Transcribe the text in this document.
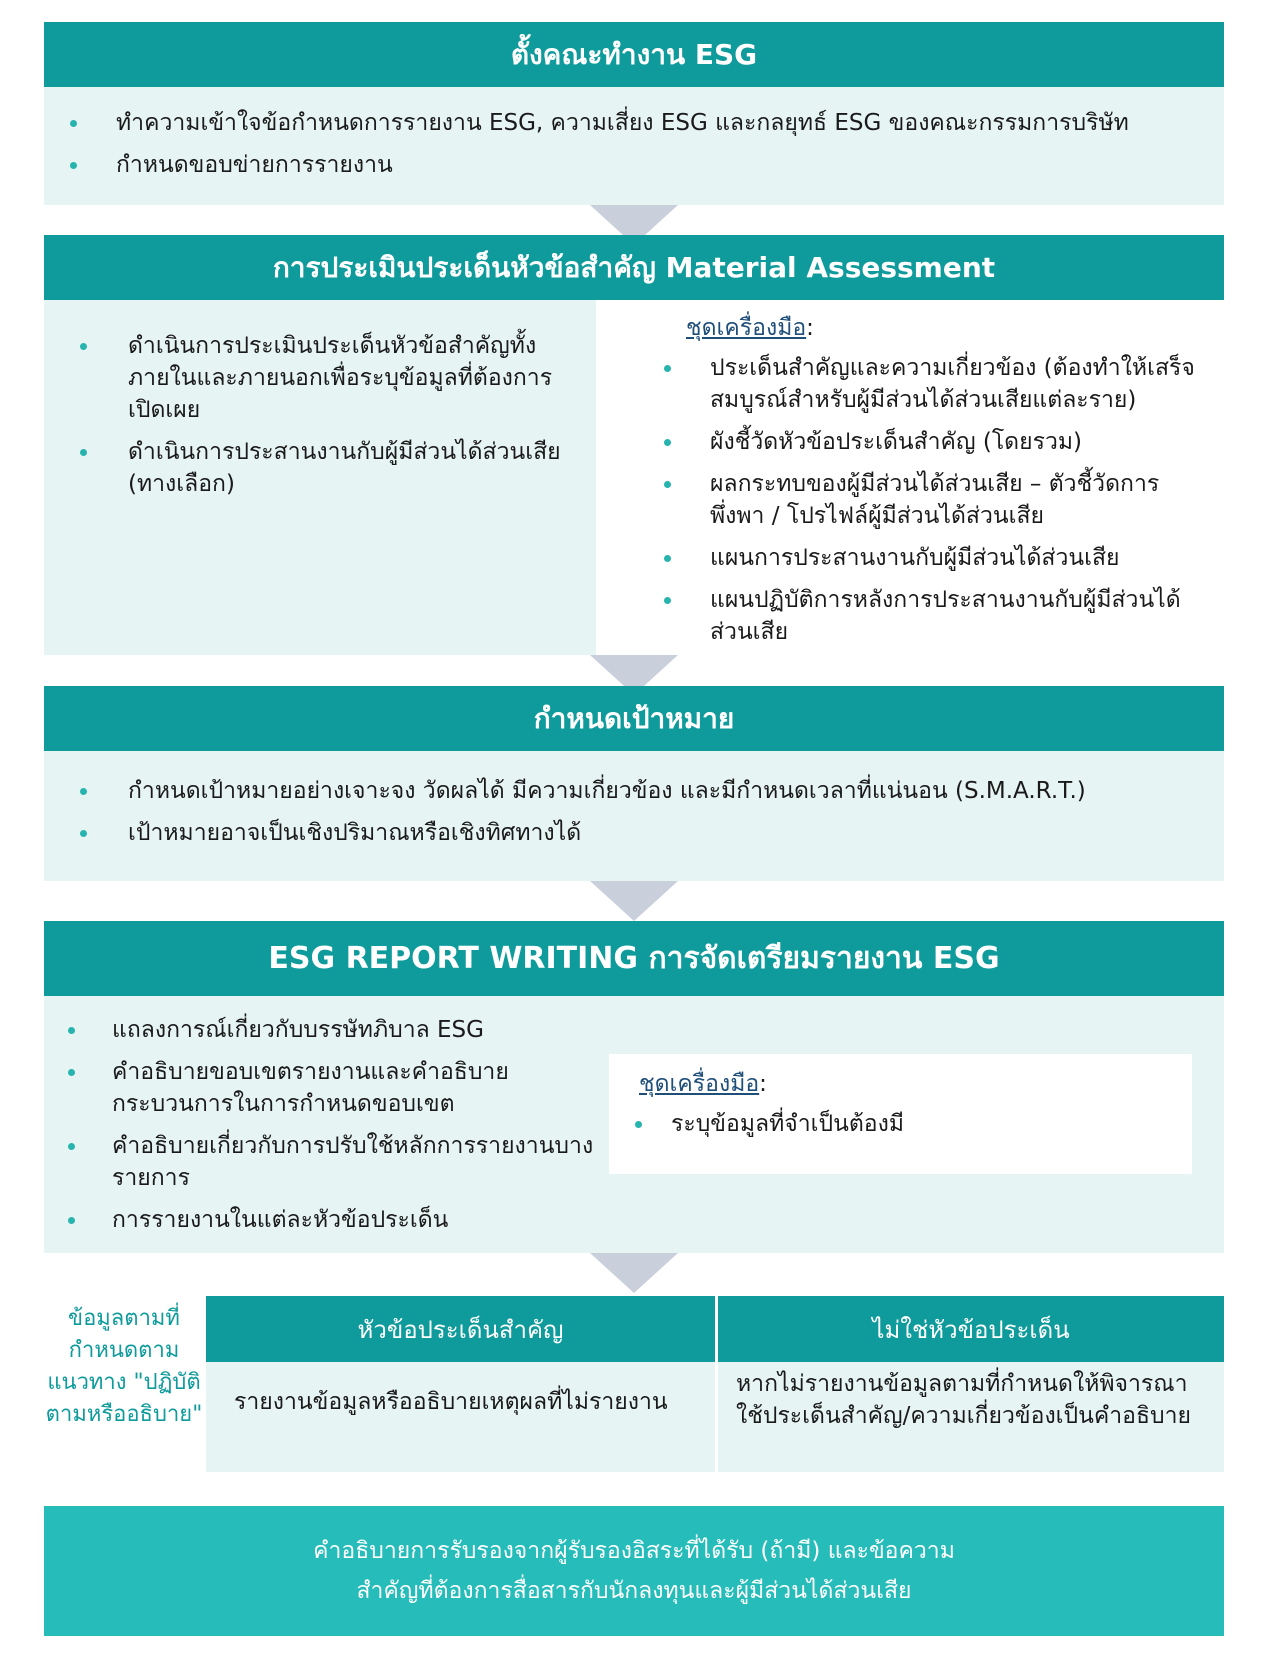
ตั้งคณะทำงาน ESG
ทำความเข้าใจข้อกำหนดการรายงาน ESG, ความเสี่ยง ESG และกลยุทธ์ ESG ของคณะกรรมการบริษัท
กำหนดขอบข่ายการรายงาน
การประเมินประเด็นหัวข้อสำคัญ Material Assessment
ดำเนินการประเมินประเด็นหัวข้อสำคัญทั้งภายในและภายนอกเพื่อระบุข้อมูลที่ต้องการเปิดเผย
ดำเนินการประสานงานกับผู้มีส่วนได้ส่วนเสีย (ทางเลือก)
ชุดเครื่องมือ:
ประเด็นสำคัญและความเกี่ยวข้อง (ต้องทำให้เสร็จสมบูรณ์สำหรับผู้มีส่วนได้ส่วนเสียแต่ละราย)
ผังชี้วัดหัวข้อประเด็นสำคัญ (โดยรวม)
ผลกระทบของผู้มีส่วนได้ส่วนเสีย – ตัวชี้วัดการพึ่งพา / โปรไฟล์ผู้มีส่วนได้ส่วนเสีย
แผนการประสานงานกับผู้มีส่วนได้ส่วนเสีย
แผนปฏิบัติการหลังการประสานงานกับผู้มีส่วนได้ส่วนเสีย
กำหนดเป้าหมาย
กำหนดเป้าหมายอย่างเจาะจง วัดผลได้ มีความเกี่ยวข้อง และมีกำหนดเวลาที่แน่นอน (S.M.A.R.T.)
เป้าหมายอาจเป็นเชิงปริมาณหรือเชิงทิศทางได้
ESG REPORT WRITING การจัดเตรียมรายงาน ESG
แถลงการณ์เกี่ยวกับบรรษัทภิบาล ESG
คำอธิบายขอบเขตรายงานและคำอธิบายกระบวนการในการกำหนดขอบเขต
คำอธิบายเกี่ยวกับการปรับใช้หลักการรายงานบางรายการ
การรายงานในแต่ละหัวข้อประเด็น
ชุดเครื่องมือ:
ระบุข้อมูลที่จำเป็นต้องมี
ข้อมูลตามที่กำหนดตามแนวทาง "ปฏิบัติตามหรืออธิบาย"
หัวข้อประเด็นสำคัญ	ไม่ใช่หัวข้อประเด็น
รายงานข้อมูลหรืออธิบายเหตุผลที่ไม่รายงาน
หากไม่รายงานข้อมูลตามที่กำหนดให้พิจารณาใช้ประเด็นสำคัญ/ความเกี่ยวข้องเป็นคำอธิบาย
คำอธิบายการรับรองจากผู้รับรองอิสระที่ได้รับ (ถ้ามี) และข้อความสำคัญที่ต้องการสื่อสารกับนักลงทุนและผู้มีส่วนได้ส่วนเสีย
